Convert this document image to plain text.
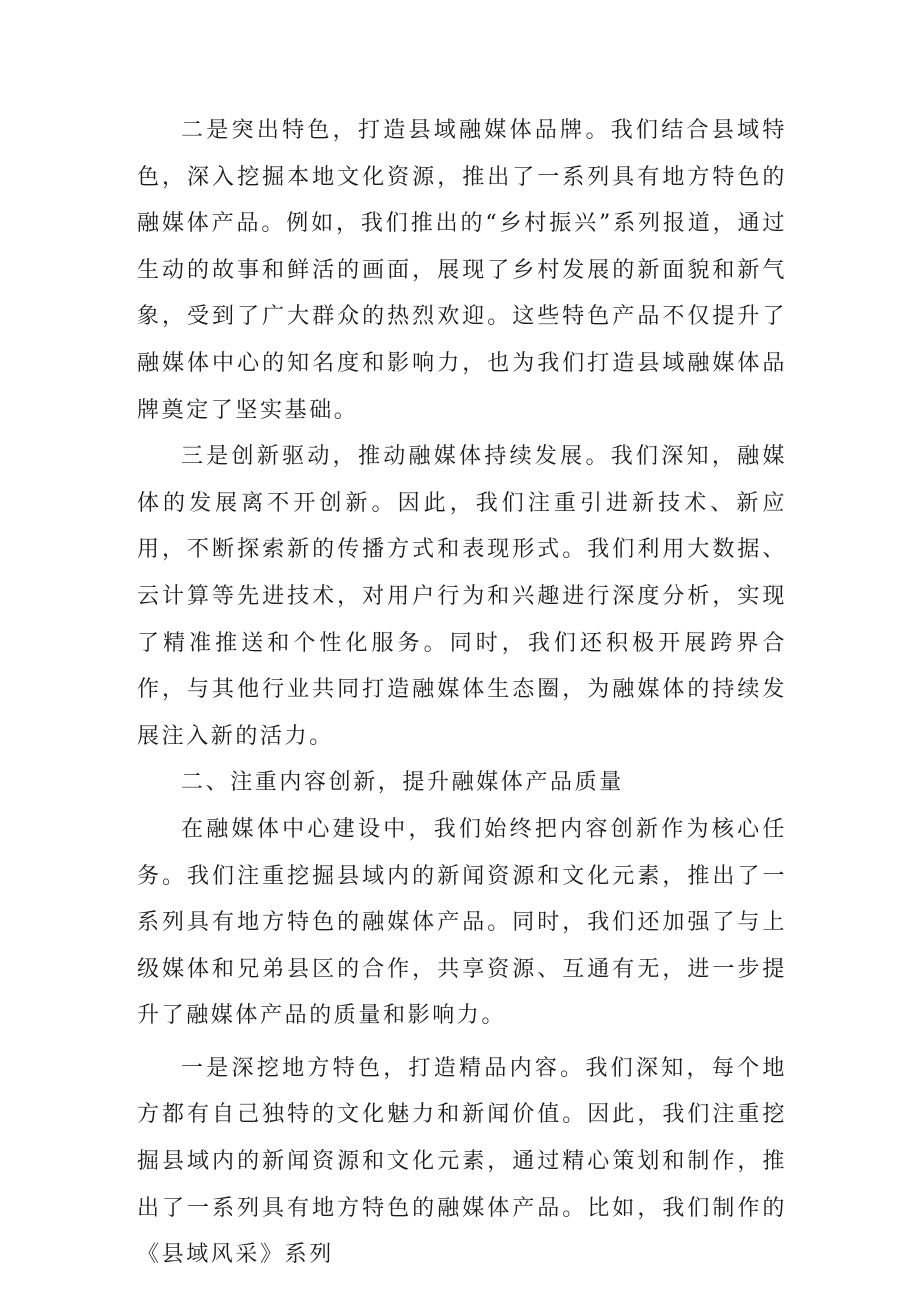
二是突出特色，打造县域融媒体品牌。我们结合县域特色，深入挖掘本地文化资源，推出了一系列具有地方特色的融媒体产品。例如，我们推出的“乡村振兴”系列报道，通过生动的故事和鲜活的画面，展现了乡村发展的新面貌和新气象，受到了广大群众的热烈欢迎。这些特色产品不仅提升了融媒体中心的知名度和影响力，也为我们打造县域融媒体品牌奠定了坚实基础。

三是创新驱动，推动融媒体持续发展。我们深知，融媒体的发展离不开创新。因此，我们注重引进新技术、新应用，不断探索新的传播方式和表现形式。我们利用大数据、云计算等先进技术，对用户行为和兴趣进行深度分析，实现了精准推送和个性化服务。同时，我们还积极开展跨界合作，与其他行业共同打造融媒体生态圈，为融媒体的持续发展注入新的活力。

二、注重内容创新，提升融媒体产品质量

在融媒体中心建设中，我们始终把内容创新作为核心任务。我们注重挖掘县域内的新闻资源和文化元素，推出了一系列具有地方特色的融媒体产品。同时，我们还加强了与上级媒体和兄弟县区的合作，共享资源、互通有无，进一步提升了融媒体产品的质量和影响力。

一是深挖地方特色，打造精品内容。我们深知，每个地方都有自己独特的文化魅力和新闻价值。因此，我们注重挖掘县域内的新闻资源和文化元素，通过精心策划和制作，推出了一系列具有地方特色的融媒体产品。比如，我们制作的《县域风采》系列
